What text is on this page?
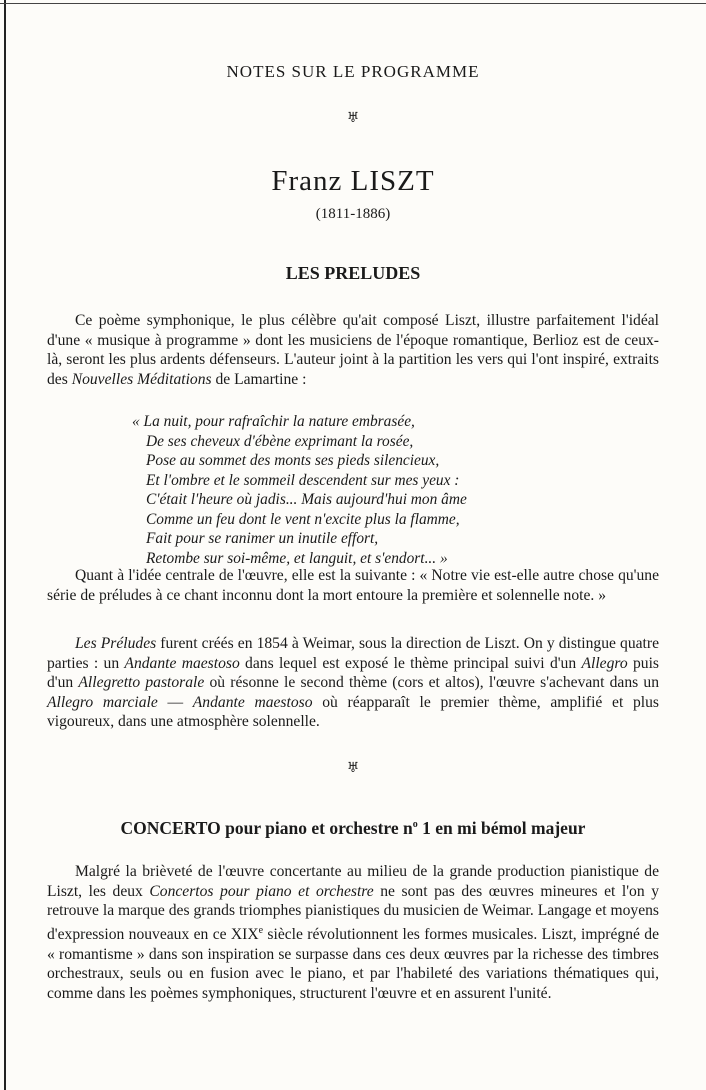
NOTES SUR LE PROGRAMME
♅
Franz LISZT
(1811-1886)
LES PRELUDES

Ce poème symphonique, le plus célèbre qu'ait composé Liszt, illustre parfaitement l'idéal d'une « musique à programme » dont les musiciens de l'époque romantique, Berlioz est de ceux-là, seront les plus ardents défenseurs. L'auteur joint à la partition les vers qui l'ont inspiré, extraits des Nouvelles Méditations de Lamartine :

« La nuit, pour rafraîchir la nature embrasée,
De ses cheveux d'ébène exprimant la rosée,
Pose au sommet des monts ses pieds silencieux,
Et l'ombre et le sommeil descendent sur mes yeux :
C'était l'heure où jadis... Mais aujourd'hui mon âme
Comme un feu dont le vent n'excite plus la flamme,
Fait pour se ranimer un inutile effort,
Retombe sur soi-même, et languit, et s'endort... »

Quant à l'idée centrale de l'œuvre, elle est la suivante : « Notre vie est-elle autre chose qu'une série de préludes à ce chant inconnu dont la mort entoure la première et solennelle note. »

Les Préludes furent créés en 1854 à Weimar, sous la direction de Liszt. On y distingue quatre parties : un Andante maestoso dans lequel est exposé le thème principal suivi d'un Allegro puis d'un Allegretto pastorale où résonne le second thème (cors et altos), l'œuvre s'achevant dans un Allegro marciale — Andante maestoso où réapparaît le premier thème, amplifié et plus vigoureux, dans une atmosphère solennelle.

♅
CONCERTO pour piano et orchestre $n^o$ 1 en mi bémol majeur

Malgré la brièveté de l'œuvre concertante au milieu de la grande production pianistique de Liszt, les deux Concertos pour piano et orchestre ne sont pas des œuvres mineures et l'on y retrouve la marque des grands triomphes pianistiques du musicien de Weimar. Langage et moyens d'expression nouveaux en ce XIXe siècle révolutionnent les formes musicales. Liszt, imprégné de « romantisme » dans son inspiration se surpasse dans ces deux œuvres par la richesse des timbres orchestraux, seuls ou en fusion avec le piano, et par l'habileté des variations thématiques qui, comme dans les poèmes symphoniques, structurent l'œuvre et en assurent l'unité.
